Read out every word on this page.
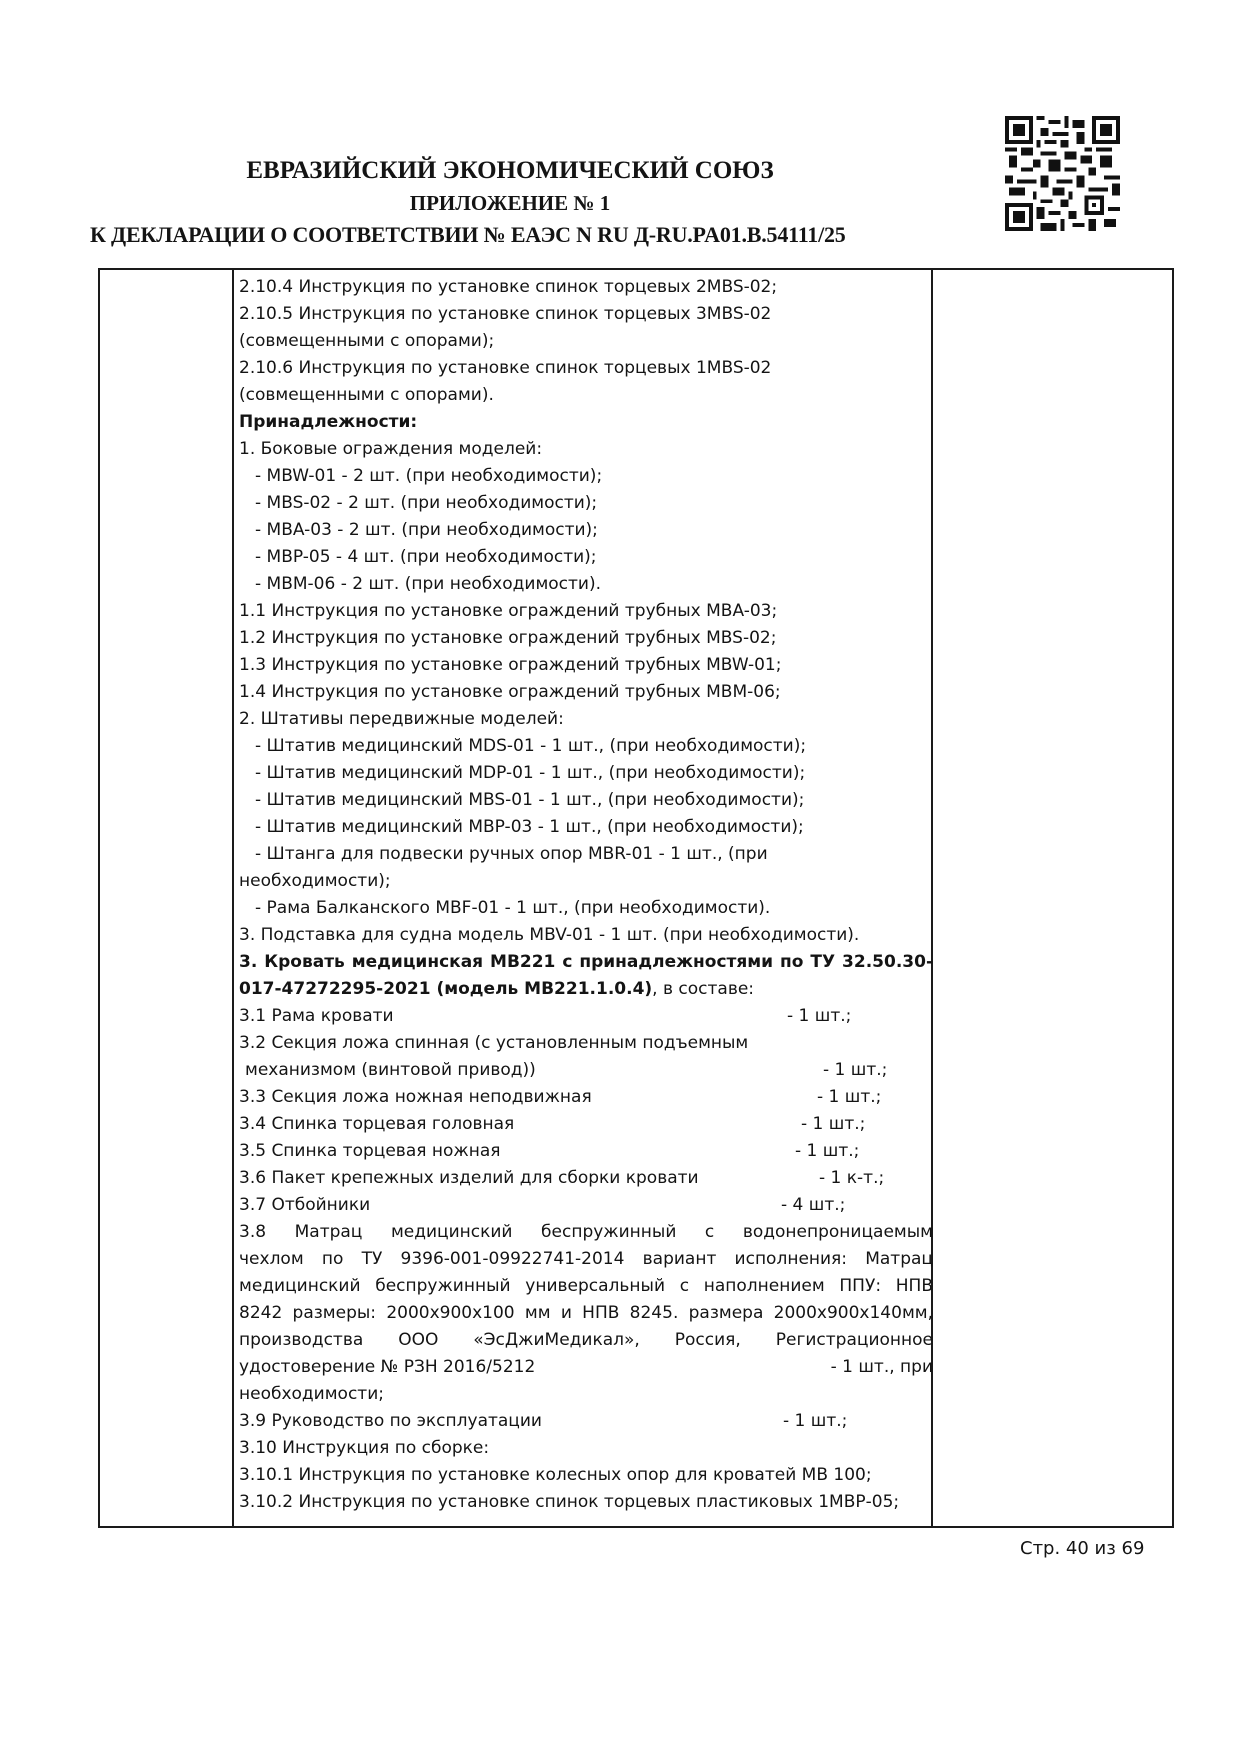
ЕВРАЗИЙСКИЙ ЭКОНОМИЧЕСКИЙ СОЮЗ
ПРИЛОЖЕНИЕ № 1
К ДЕКЛАРАЦИИ О СООТВЕТСТВИИ № ЕАЭС N RU Д-RU.PA01.B.54111/25
2.10.4 Инструкция по установке спинок торцевых 2MBS-02;
2.10.5 Инструкция по установке спинок торцевых 3MBS-02
(совмещенными с опорами);
2.10.6 Инструкция по установке спинок торцевых 1MBS-02
(совмещенными с опорами).
Принадлежности:
1. Боковые ограждения моделей:
- MBW-01 - 2 шт. (при необходимости);
- MBS-02 - 2 шт. (при необходимости);
- MBA-03 - 2 шт. (при необходимости);
- MBP-05 - 4 шт. (при необходимости);
- MBM-06 - 2 шт. (при необходимости).
1.1 Инструкция по установке ограждений трубных MBA-03;
1.2 Инструкция по установке ограждений трубных MBS-02;
1.3 Инструкция по установке ограждений трубных MBW-01;
1.4 Инструкция по установке ограждений трубных MBM-06;
2. Штативы передвижные моделей:
- Штатив медицинский MDS-01 - 1 шт., (при необходимости);
- Штатив медицинский MDP-01 - 1 шт., (при необходимости);
- Штатив медицинский MBS-01 - 1 шт., (при необходимости);
- Штатив медицинский MBP-03 - 1 шт., (при необходимости);
- Штанга для подвески ручных опор MBR-01 - 1 шт., (при
необходимости);
- Рама Балканского MBF-01 - 1 шт., (при необходимости).
3. Подставка для судна модель MBV-01 - 1 шт. (при необходимости).
3. Кровать медицинская МВ221 с принадлежностями по ТУ 32.50.30-
017-47272295-2021 (модель МВ221.1.0.4), в составе:
3.1 Рама кровати	- 1 шт.;
3.2 Секция ложа спинная (с установленным подъемным
механизмом (винтовой привод))	- 1 шт.;
3.3 Секция ложа ножная неподвижная	- 1 шт.;
3.4 Спинка торцевая головная	- 1 шт.;
3.5 Спинка торцевая ножная	- 1 шт.;
3.6 Пакет крепежных изделий для сборки кровати	- 1 к-т.;
3.7 Отбойники	- 4 шт.;
3.8 Матрац медицинский беспружинный с водонепроницаемым
чехлом по ТУ 9396-001-09922741-2014 вариант исполнения: Матрац
медицинский беспружинный универсальный с наполнением ППУ: НПВ
8242 размеры: 2000х900х100 мм и НПВ 8245. размера 2000х900х140мм,
производства ООО «ЭсДжиМедикал», Россия, Регистрационное
удостоверение № РЗН 2016/5212	- 1 шт., при
необходимости;
3.9 Руководство по эксплуатации	- 1 шт.;
3.10 Инструкция по сборке:
3.10.1 Инструкция по установке колесных опор для кроватей МВ 100;
3.10.2 Инструкция по установке спинок торцевых пластиковых 1МВР-05;
Стр. 40 из 69
